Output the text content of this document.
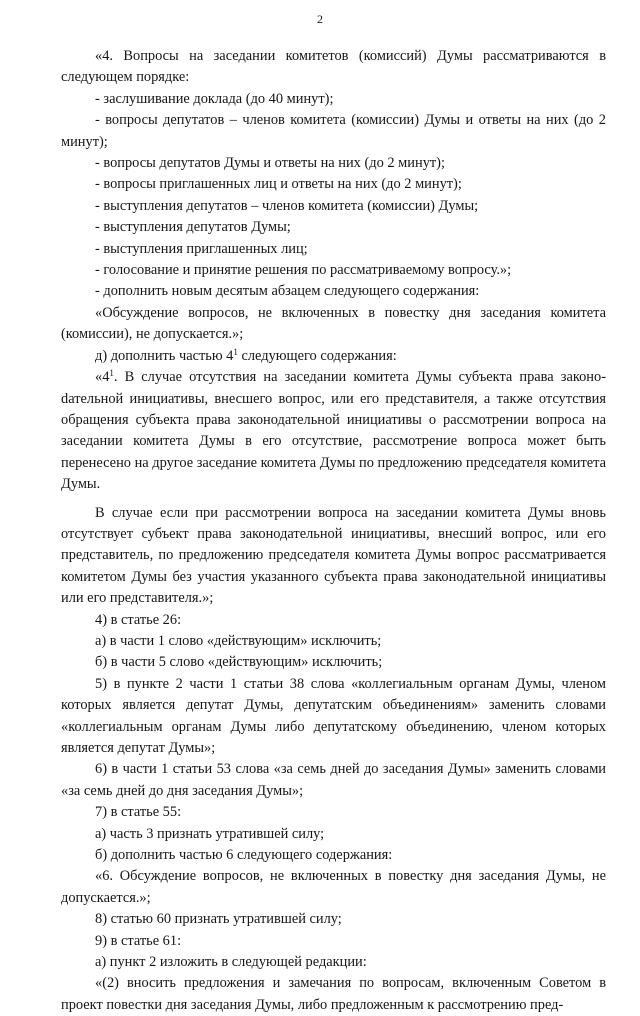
2

«4. Вопросы на заседании комитетов (комиссий) Думы рассматриваются в следующем порядке:

- заслушивание доклада (до 40 минут);

- вопросы депутатов – членов комитета (комиссии) Думы и ответы на них (до 2 минут);

- вопросы депутатов Думы и ответы на них (до 2 минут);

- вопросы приглашенных лиц и ответы на них (до 2 минут);

- выступления депутатов – членов комитета (комиссии) Думы;

- выступления депутатов Думы;

- выступления приглашенных лиц;

- голосование и принятие решения по рассматриваемому вопросу.»;

- дополнить новым десятым абзацем следующего содержания:

«Обсуждение вопросов, не включенных в повестку дня заседания комитета (комиссии), не допускается.»;

д) дополнить частью $4^1$ следующего содержания:

«$4^1$. В случае отсутствия на заседании комитета Думы субъекта права законоdательной инициативы, внесшего вопрос, или его представителя, а также отсутствия обращения субъекта права законодательной инициативы о рассмотрении вопроса на заседании комитета Думы в его отсутствие, рассмотрение вопроса может быть перенесено на другое заседание комитета Думы по предложению председателя комитета Думы.

В случае если при рассмотрении вопроса на заседании комитета Думы вновь отсутствует субъект права законодательной инициативы, внесший вопрос, или его представитель, по предложению председателя комитета Думы вопрос рассматривается комитетом Думы без участия указанного субъекта права законодательной инициативы или его представителя.»;

4) в статье 26:

а) в части 1 слово «действующим» исключить;

б) в части 5 слово «действующим» исключить;

5) в пункте 2 части 1 статьи 38 слова «коллегиальным органам Думы, членом которых является депутат Думы, депутатским объединениям» заменить словами «коллегиальным органам Думы либо депутатскому объединению, членом которых является депутат Думы»;

6) в части 1 статьи 53 слова «за семь дней до заседания Думы» заменить словами «за семь дней до дня заседания Думы»;

7) в статье 55:

а) часть 3 признать утратившей силу;

б) дополнить частью 6 следующего содержания:

«6. Обсуждение вопросов, не включенных в повестку дня заседания Думы, не допускается.»;

8) статью 60 признать утратившей силу;

9) в статье 61:

а) пункт 2 изложить в следующей редакции:

«(2) вносить предложения и замечания по вопросам, включенным Советом в проект повестки дня заседания Думы, либо предложенным к рассмотрению пред-
